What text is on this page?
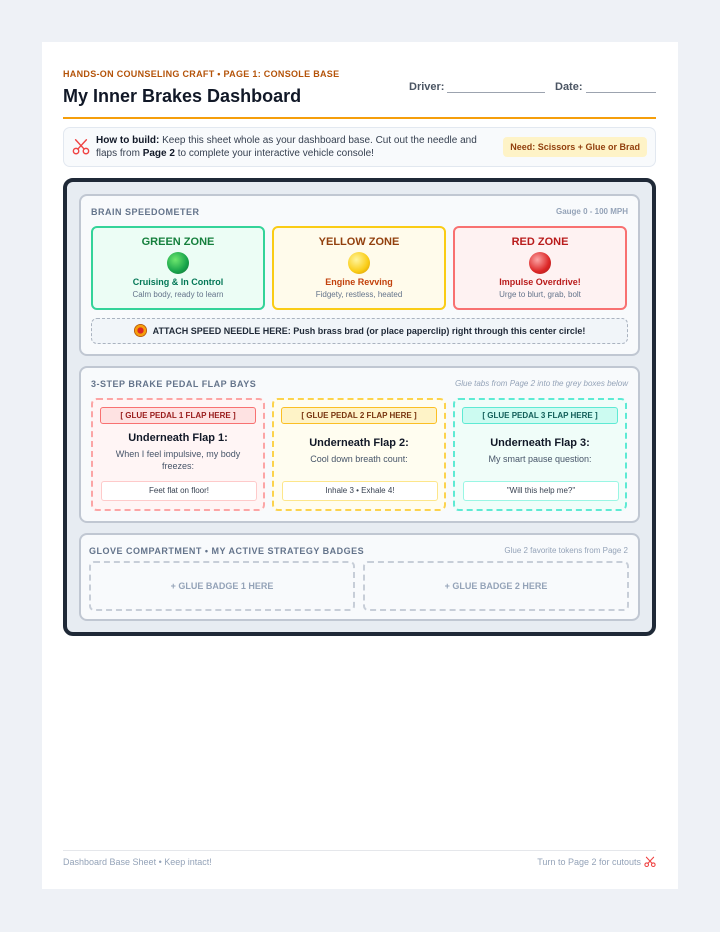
HANDS-ON COUNSELING CRAFT • PAGE 1: CONSOLE BASE
My Inner Brakes Dashboard	Driver:	Date:
How to build: Keep this sheet whole as your dashboard base. Cut out the needle and flaps from Page 2 to complete your interactive vehicle console!
Need: Scissors + Glue or Brad
BRAIN SPEEDOMETER	Gauge 0 - 100 MPH
GREEN ZONE
Cruising & In Control
Calm body, ready to learn
YELLOW ZONE
Engine Revving
Fidgety, restless, heated
RED ZONE
Impulse Overdrive!
Urge to blurt, grab, bolt
ATTACH SPEED NEEDLE HERE: Push brass brad (or place paperclip) right through this center circle!
3-STEP BRAKE PEDAL FLAP BAYS	Glue tabs from Page 2 into the grey boxes below
[ GLUE PEDAL 1 FLAP HERE ]
Underneath Flap 1:
When I feel impulsive, my body freezes:
Feet flat on floor!
[ GLUE PEDAL 2 FLAP HERE ]
Underneath Flap 2:
Cool down breath count:
Inhale 3 • Exhale 4!
[ GLUE PEDAL 3 FLAP HERE ]
Underneath Flap 3:
My smart pause question:
"Will this help me?"
GLOVE COMPARTMENT • MY ACTIVE STRATEGY BADGES	Glue 2 favorite tokens from Page 2
+ GLUE BADGE 1 HERE	+ GLUE BADGE 2 HERE
Dashboard Base Sheet • Keep intact!	Turn to Page 2 for cutouts
